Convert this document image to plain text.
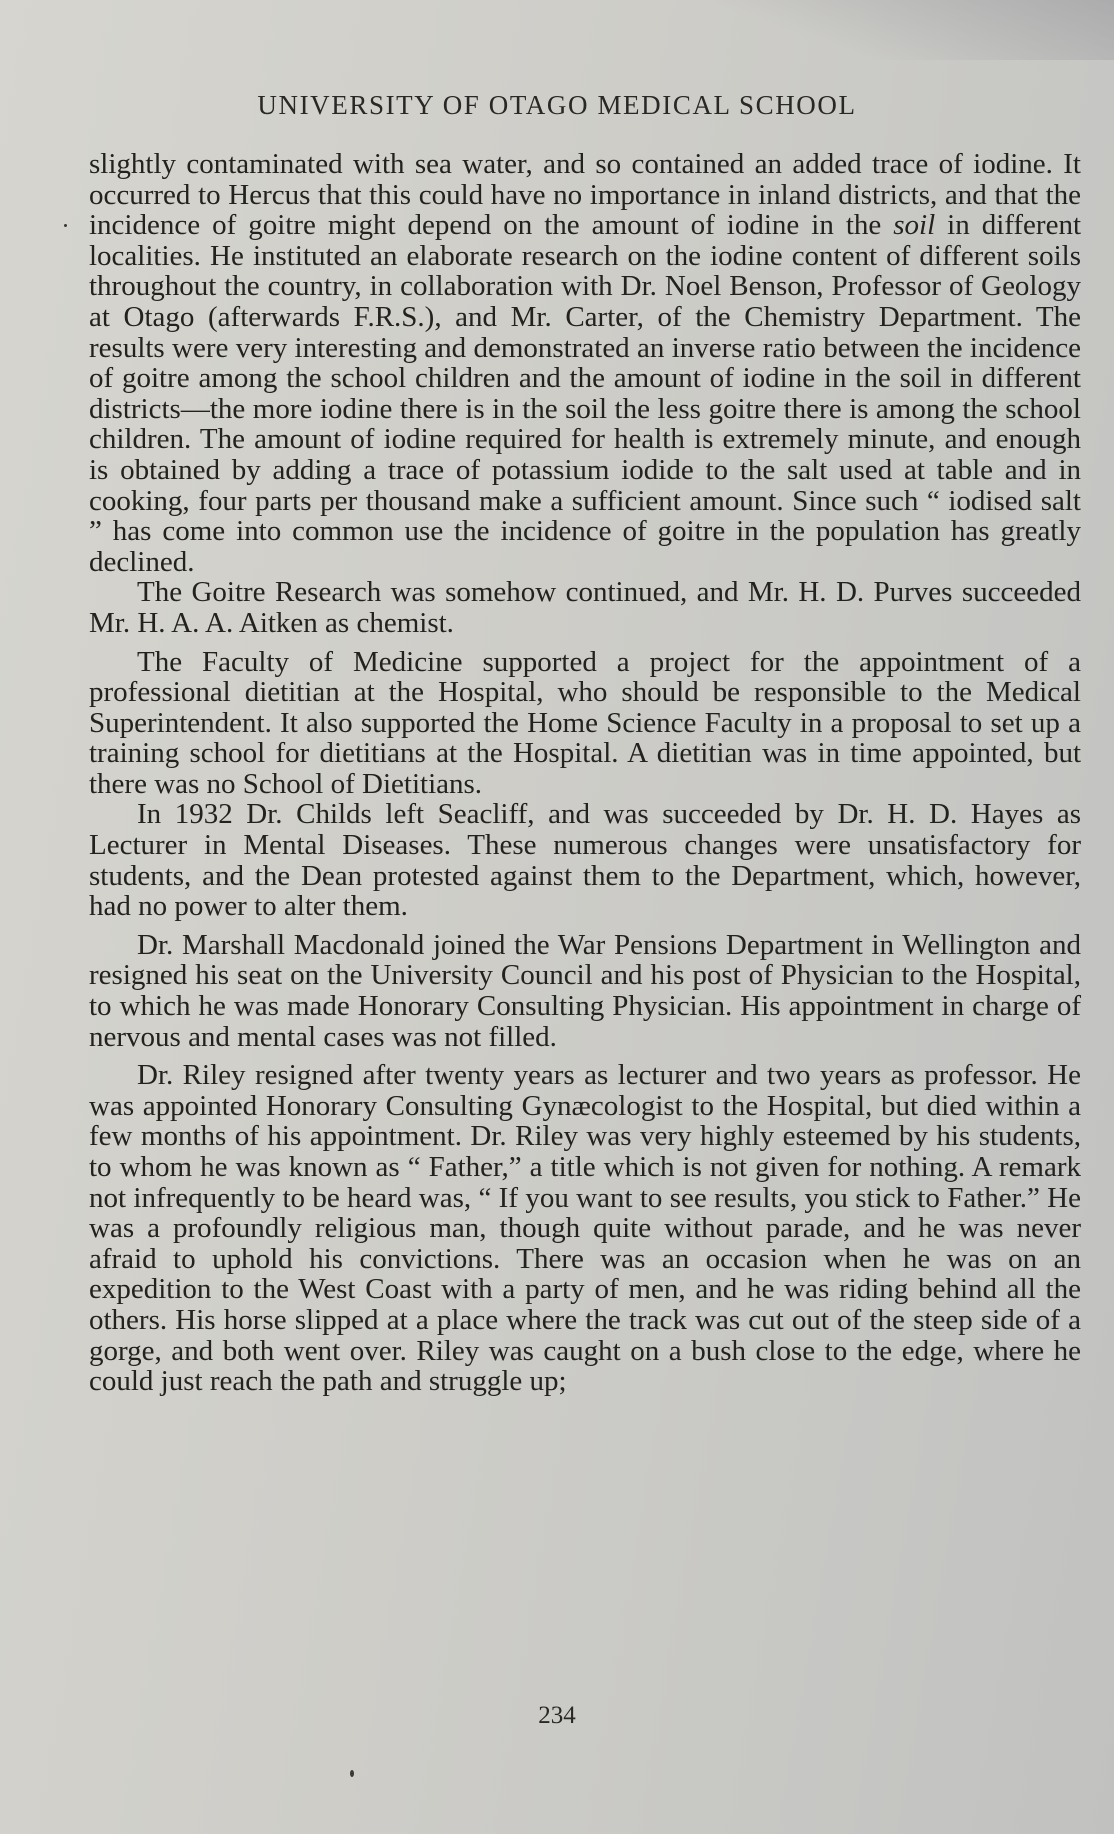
UNIVERSITY OF OTAGO MEDICAL SCHOOL

slightly contaminated with sea water, and so contained an added trace of iodine. It occurred to Hercus that this could have no importance in inland districts, and that the incidence of goitre might depend on the amount of iodine in the soil in different localities. He instituted an elaborate research on the iodine content of different soils throughout the country, in collaboration with Dr. Noel Benson, Professor of Geology at Otago (afterwards F.R.S.), and Mr. Carter, of the Chemistry Department. The results were very interesting and demonstrated an inverse ratio between the incidence of goitre among the school children and the amount of iodine in the soil in different districts—the more iodine there is in the soil the less goitre there is among the school children. The amount of iodine required for health is extremely minute, and enough is obtained by adding a trace of potassium iodide to the salt used at table and in cooking, four parts per thousand make a sufficient amount. Since such “ iodised salt ” has come into common use the incidence of goitre in the population has greatly declined.

The Goitre Research was somehow continued, and Mr. H. D. Purves succeeded Mr. H. A. A. Aitken as chemist.

The Faculty of Medicine supported a project for the appointment of a professional dietitian at the Hospital, who should be responsible to the Medical Superintendent. It also supported the Home Science Faculty in a proposal to set up a training school for dietitians at the Hospital. A dietitian was in time appointed, but there was no School of Dietitians.

In 1932 Dr. Childs left Seacliff, and was succeeded by Dr. H. D. Hayes as Lecturer in Mental Diseases. These numerous changes were unsatisfactory for students, and the Dean protested against them to the Department, which, however, had no power to alter them.

Dr. Marshall Macdonald joined the War Pensions Department in Wellington and resigned his seat on the University Council and his post of Physician to the Hospital, to which he was made Honorary Consulting Physician. His appointment in charge of nervous and mental cases was not filled.

Dr. Riley resigned after twenty years as lecturer and two years as professor. He was appointed Honorary Consulting Gynæcologist to the Hospital, but died within a few months of his appointment. Dr. Riley was very highly esteemed by his students, to whom he was known as “ Father,” a title which is not given for nothing. A remark not infrequently to be heard was, “ If you want to see results, you stick to Father.” He was a profoundly religious man, though quite without parade, and he was never afraid to uphold his convictions. There was an occasion when he was on an expedition to the West Coast with a party of men, and he was riding behind all the others. His horse slipped at a place where the track was cut out of the steep side of a gorge, and both went over. Riley was caught on a bush close to the edge, where he could just reach the path and struggle up;

234
